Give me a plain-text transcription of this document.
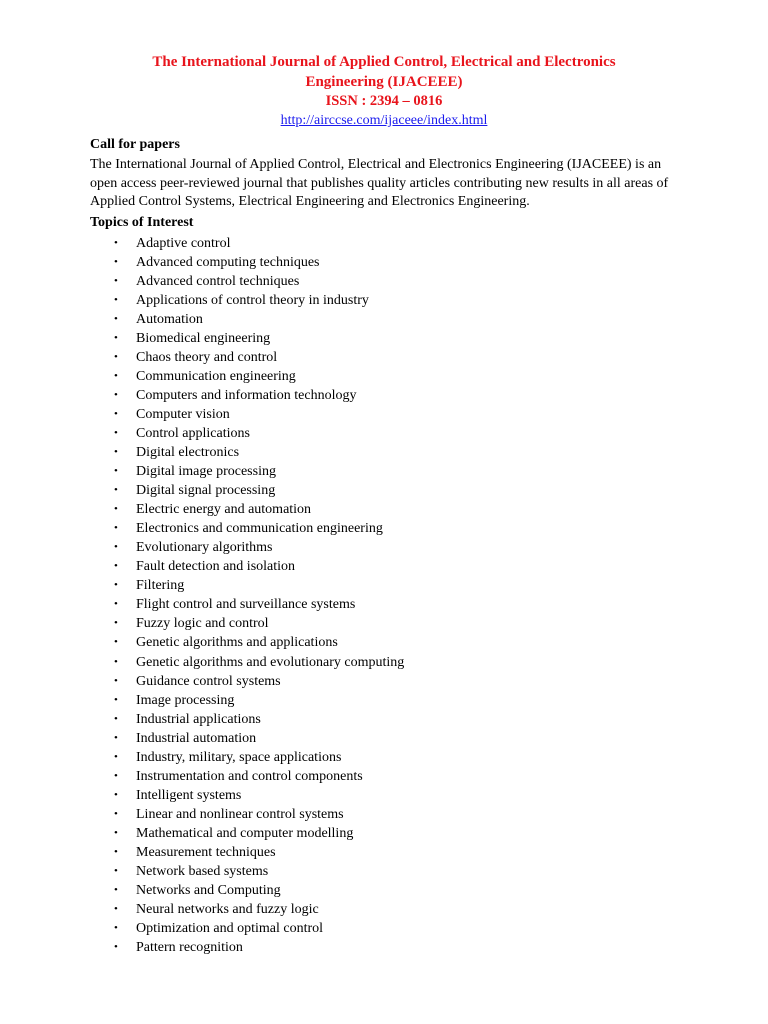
The International Journal of Applied Control, Electrical and Electronics Engineering (IJACEEE)

ISSN : 2394 – 0816

http://airccse.com/ijaceee/index.html

Call for papers

The International Journal of Applied Control, Electrical and Electronics Engineering (IJACEEE) is an open access peer-reviewed journal that publishes quality articles contributing new results in all areas of Applied Control Systems, Electrical Engineering and Electronics Engineering.

Topics of Interest

• Adaptive control
• Advanced computing techniques
• Advanced control techniques
• Applications of control theory in industry
• Automation
• Biomedical engineering
• Chaos theory and control
• Communication engineering
• Computers and information technology
• Computer vision
• Control applications
• Digital electronics
• Digital image processing
• Digital signal processing
• Electric energy and automation
• Electronics and communication engineering
• Evolutionary algorithms
• Fault detection and isolation
• Filtering
• Flight control and surveillance systems
• Fuzzy logic and control
• Genetic algorithms and applications
• Genetic algorithms and evolutionary computing
• Guidance control systems
• Image processing
• Industrial applications
• Industrial automation
• Industry, military, space applications
• Instrumentation and control components
• Intelligent systems
• Linear and nonlinear control systems
• Mathematical and computer modelling
• Measurement techniques
• Network based systems
• Networks and Computing
• Neural networks and fuzzy logic
• Optimization and optimal control
• Pattern recognition
